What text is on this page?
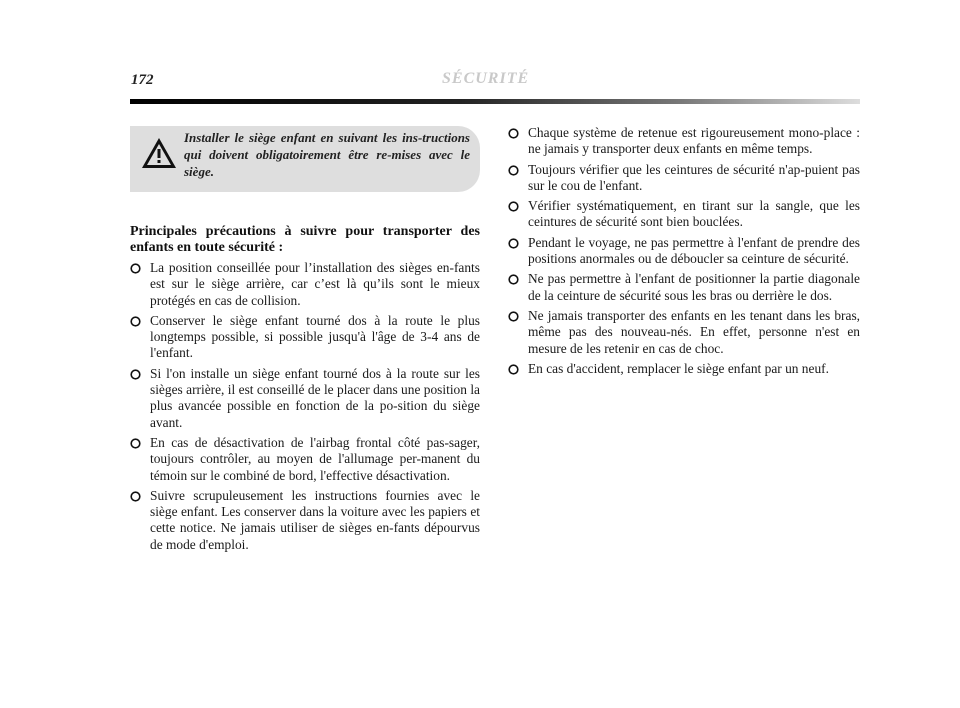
172	SÉCURITÉ
Installer le siège enfant en suivant les ins-tructions qui doivent obligatoirement être re-mises avec le siège.
Principales précautions à suivre pour transporter des enfants en toute sécurité :
La position conseillée pour l’installation des sièges en-fants est sur le siège arrière, car c’est là qu’ils sont le mieux protégés en cas de collision.
Conserver le siège enfant tourné dos à la route le plus longtemps possible, si possible jusqu'à l'âge de 3-4 ans de l'enfant.
Si l'on installe un siège enfant tourné dos à la route sur les sièges arrière, il est conseillé de le placer dans une position la plus avancée possible en fonction de la po-sition du siège avant.
En cas de désactivation de l'airbag frontal côté pas-sager, toujours contrôler, au moyen de l'allumage per-manent du témoin sur le combiné de bord, l'effective désactivation.
Suivre scrupuleusement les instructions fournies avec le siège enfant. Les conserver dans la voiture avec les papiers et cette notice. Ne jamais utiliser de sièges en-fants dépourvus de mode d'emploi.
Chaque système de retenue est rigoureusement mono-place : ne jamais y transporter deux enfants en même temps.
Toujours vérifier que les ceintures de sécurité n'ap-puient pas sur le cou de l'enfant.
Vérifier systématiquement, en tirant sur la sangle, que les ceintures de sécurité sont bien bouclées.
Pendant le voyage, ne pas permettre à l'enfant de prendre des positions anormales ou de déboucler sa ceinture de sécurité.
Ne pas permettre à l'enfant de positionner la partie diagonale de la ceinture de sécurité sous les bras ou derrière le dos.
Ne jamais transporter des enfants en les tenant dans les bras, même pas des nouveau-nés. En effet, personne n'est en mesure de les retenir en cas de choc.
En cas d'accident, remplacer le siège enfant par un neuf.
